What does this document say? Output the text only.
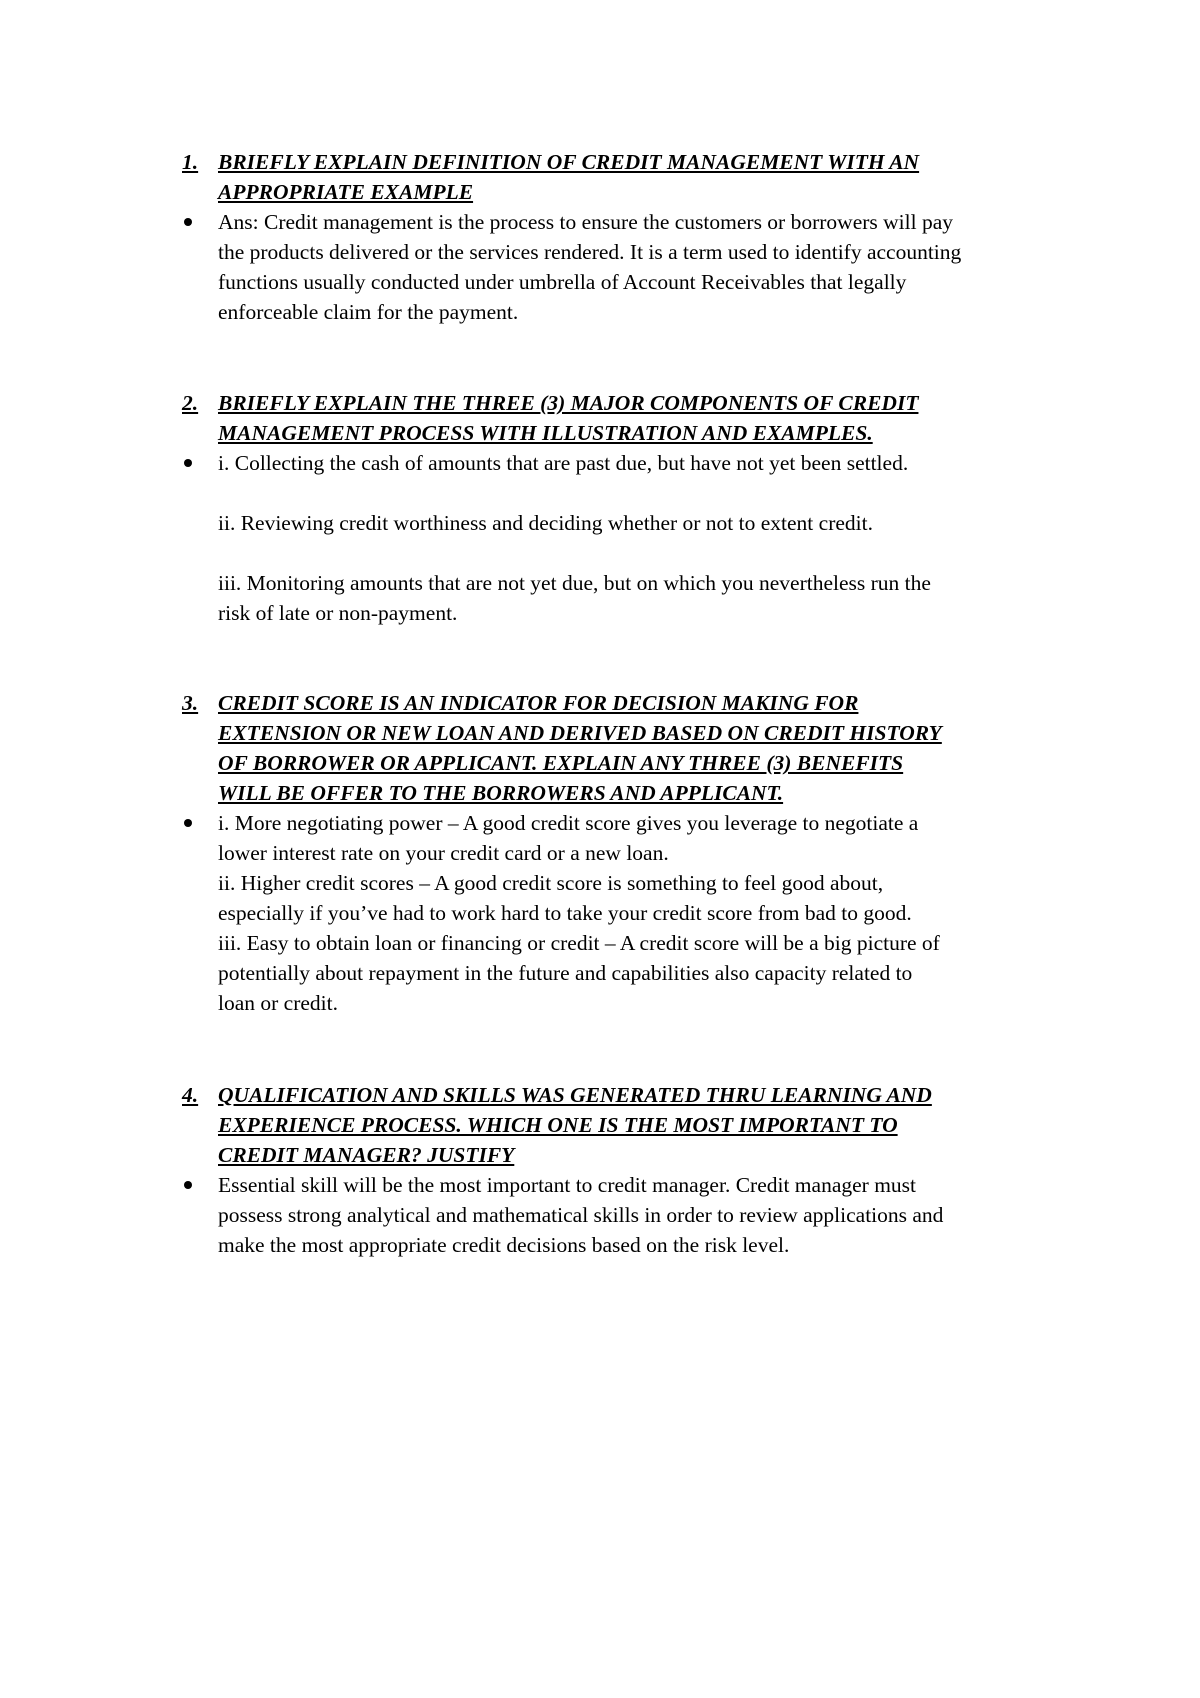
1. BRIEFLY EXPLAIN DEFINITION OF CREDIT MANAGEMENT WITH AN
APPROPRIATE EXAMPLE
Ans: Credit management is the process to ensure the customers or borrowers will pay
the products delivered or the services rendered. It is a term used to identify accounting
functions usually conducted under umbrella of Account Receivables that legally
enforceable claim for the payment.
2. BRIEFLY EXPLAIN THE THREE (3) MAJOR COMPONENTS OF CREDIT
MANAGEMENT PROCESS WITH ILLUSTRATION AND EXAMPLES.
i. Collecting the cash of amounts that are past due, but have not yet been settled.

ii. Reviewing credit worthiness and deciding whether or not to extent credit.

iii. Monitoring amounts that are not yet due, but on which you nevertheless run the
risk of late or non-payment.
3. CREDIT SCORE IS AN INDICATOR FOR DECISION MAKING FOR
EXTENSION OR NEW LOAN AND DERIVED BASED ON CREDIT HISTORY
OF BORROWER OR APPLICANT. EXPLAIN ANY THREE (3) BENEFITS
WILL BE OFFER TO THE BORROWERS AND APPLICANT.
i. More negotiating power – A good credit score gives you leverage to negotiate a
lower interest rate on your credit card or a new loan.
ii. Higher credit scores – A good credit score is something to feel good about,
especially if you’ve had to work hard to take your credit score from bad to good.
iii. Easy to obtain loan or financing or credit – A credit score will be a big picture of
potentially about repayment in the future and capabilities also capacity related to
loan or credit.
4. QUALIFICATION AND SKILLS WAS GENERATED THRU LEARNING AND
EXPERIENCE PROCESS. WHICH ONE IS THE MOST IMPORTANT TO
CREDIT MANAGER? JUSTIFY
Essential skill will be the most important to credit manager. Credit manager must
possess strong analytical and mathematical skills in order to review applications and
make the most appropriate credit decisions based on the risk level.
